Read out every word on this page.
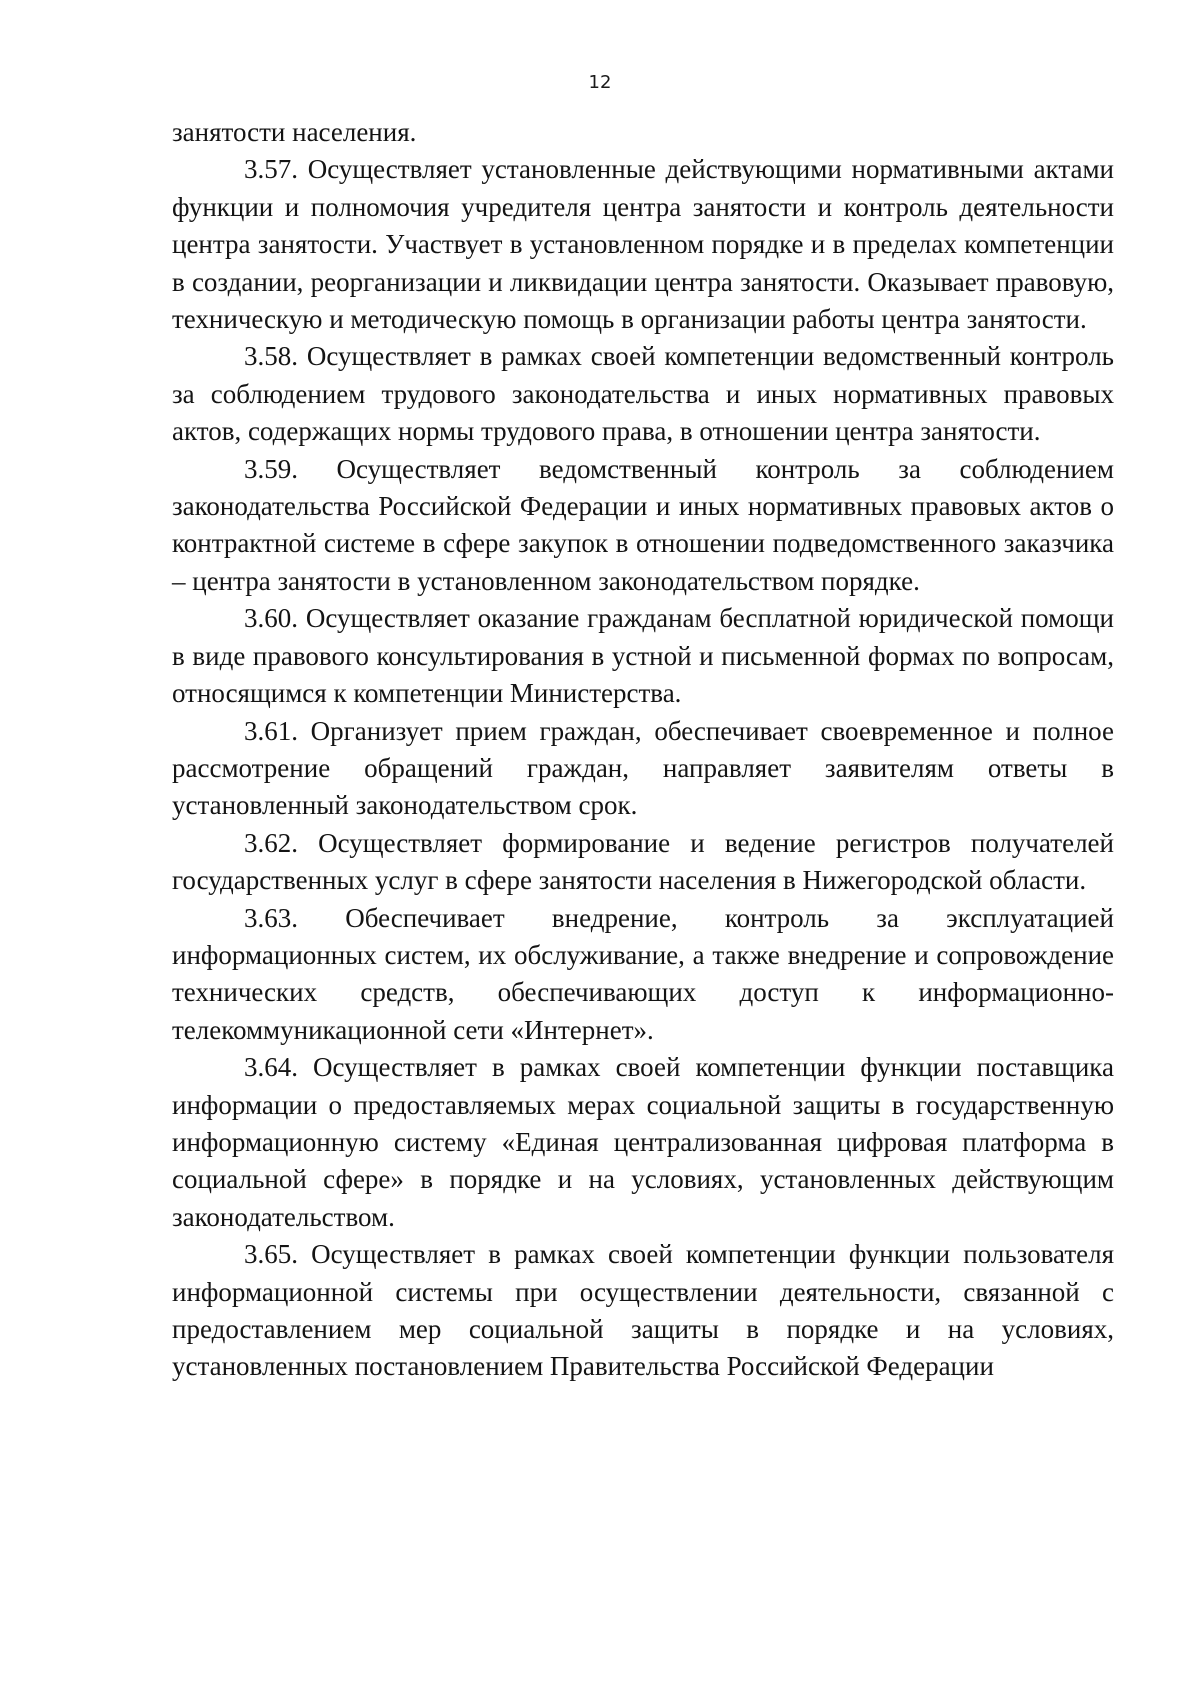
12

занятости населения.

3.57. Осуществляет установленные действующими нормативными актами функции и полномочия учредителя центра занятости и контроль деятельности центра занятости. Участвует в установленном порядке и в пределах компетенции в создании, реорганизации и ликвидации центра занятости. Оказывает правовую, техническую и методическую помощь в организации работы центра занятости.

3.58. Осуществляет в рамках своей компетенции ведомственный контроль за соблюдением трудового законодательства и иных нормативных правовых актов, содержащих нормы трудового права, в отношении центра занятости.

3.59. Осуществляет ведомственный контроль за соблюдением законодательства Российской Федерации и иных нормативных правовых актов о контрактной системе в сфере закупок в отношении подведомственного заказчика – центра занятости в установленном законодательством порядке.

3.60. Осуществляет оказание гражданам бесплатной юридической помощи в виде правового консультирования в устной и письменной формах по вопросам, относящимся к компетенции Министерства.

3.61. Организует прием граждан, обеспечивает своевременное и полное рассмотрение обращений граждан, направляет заявителям ответы в установленный законодательством срок.

3.62. Осуществляет формирование и ведение регистров получателей государственных услуг в сфере занятости населения в Нижегородской области.

3.63. Обеспечивает внедрение, контроль за эксплуатацией информационных систем, их обслуживание, а также внедрение и сопровождение технических средств, обеспечивающих доступ к информационно-телекоммуникационной сети «Интернет».

3.64. Осуществляет в рамках своей компетенции функции поставщика информации о предоставляемых мерах социальной защиты в государственную информационную систему «Единая централизованная цифровая платформа в социальной сфере» в порядке и на условиях, установленных действующим законодательством.

3.65. Осуществляет в рамках своей компетенции функции пользователя информационной системы при осуществлении деятельности, связанной с предоставлением мер социальной защиты в порядке и на условиях, установленных постановлением Правительства Российской Федерации
